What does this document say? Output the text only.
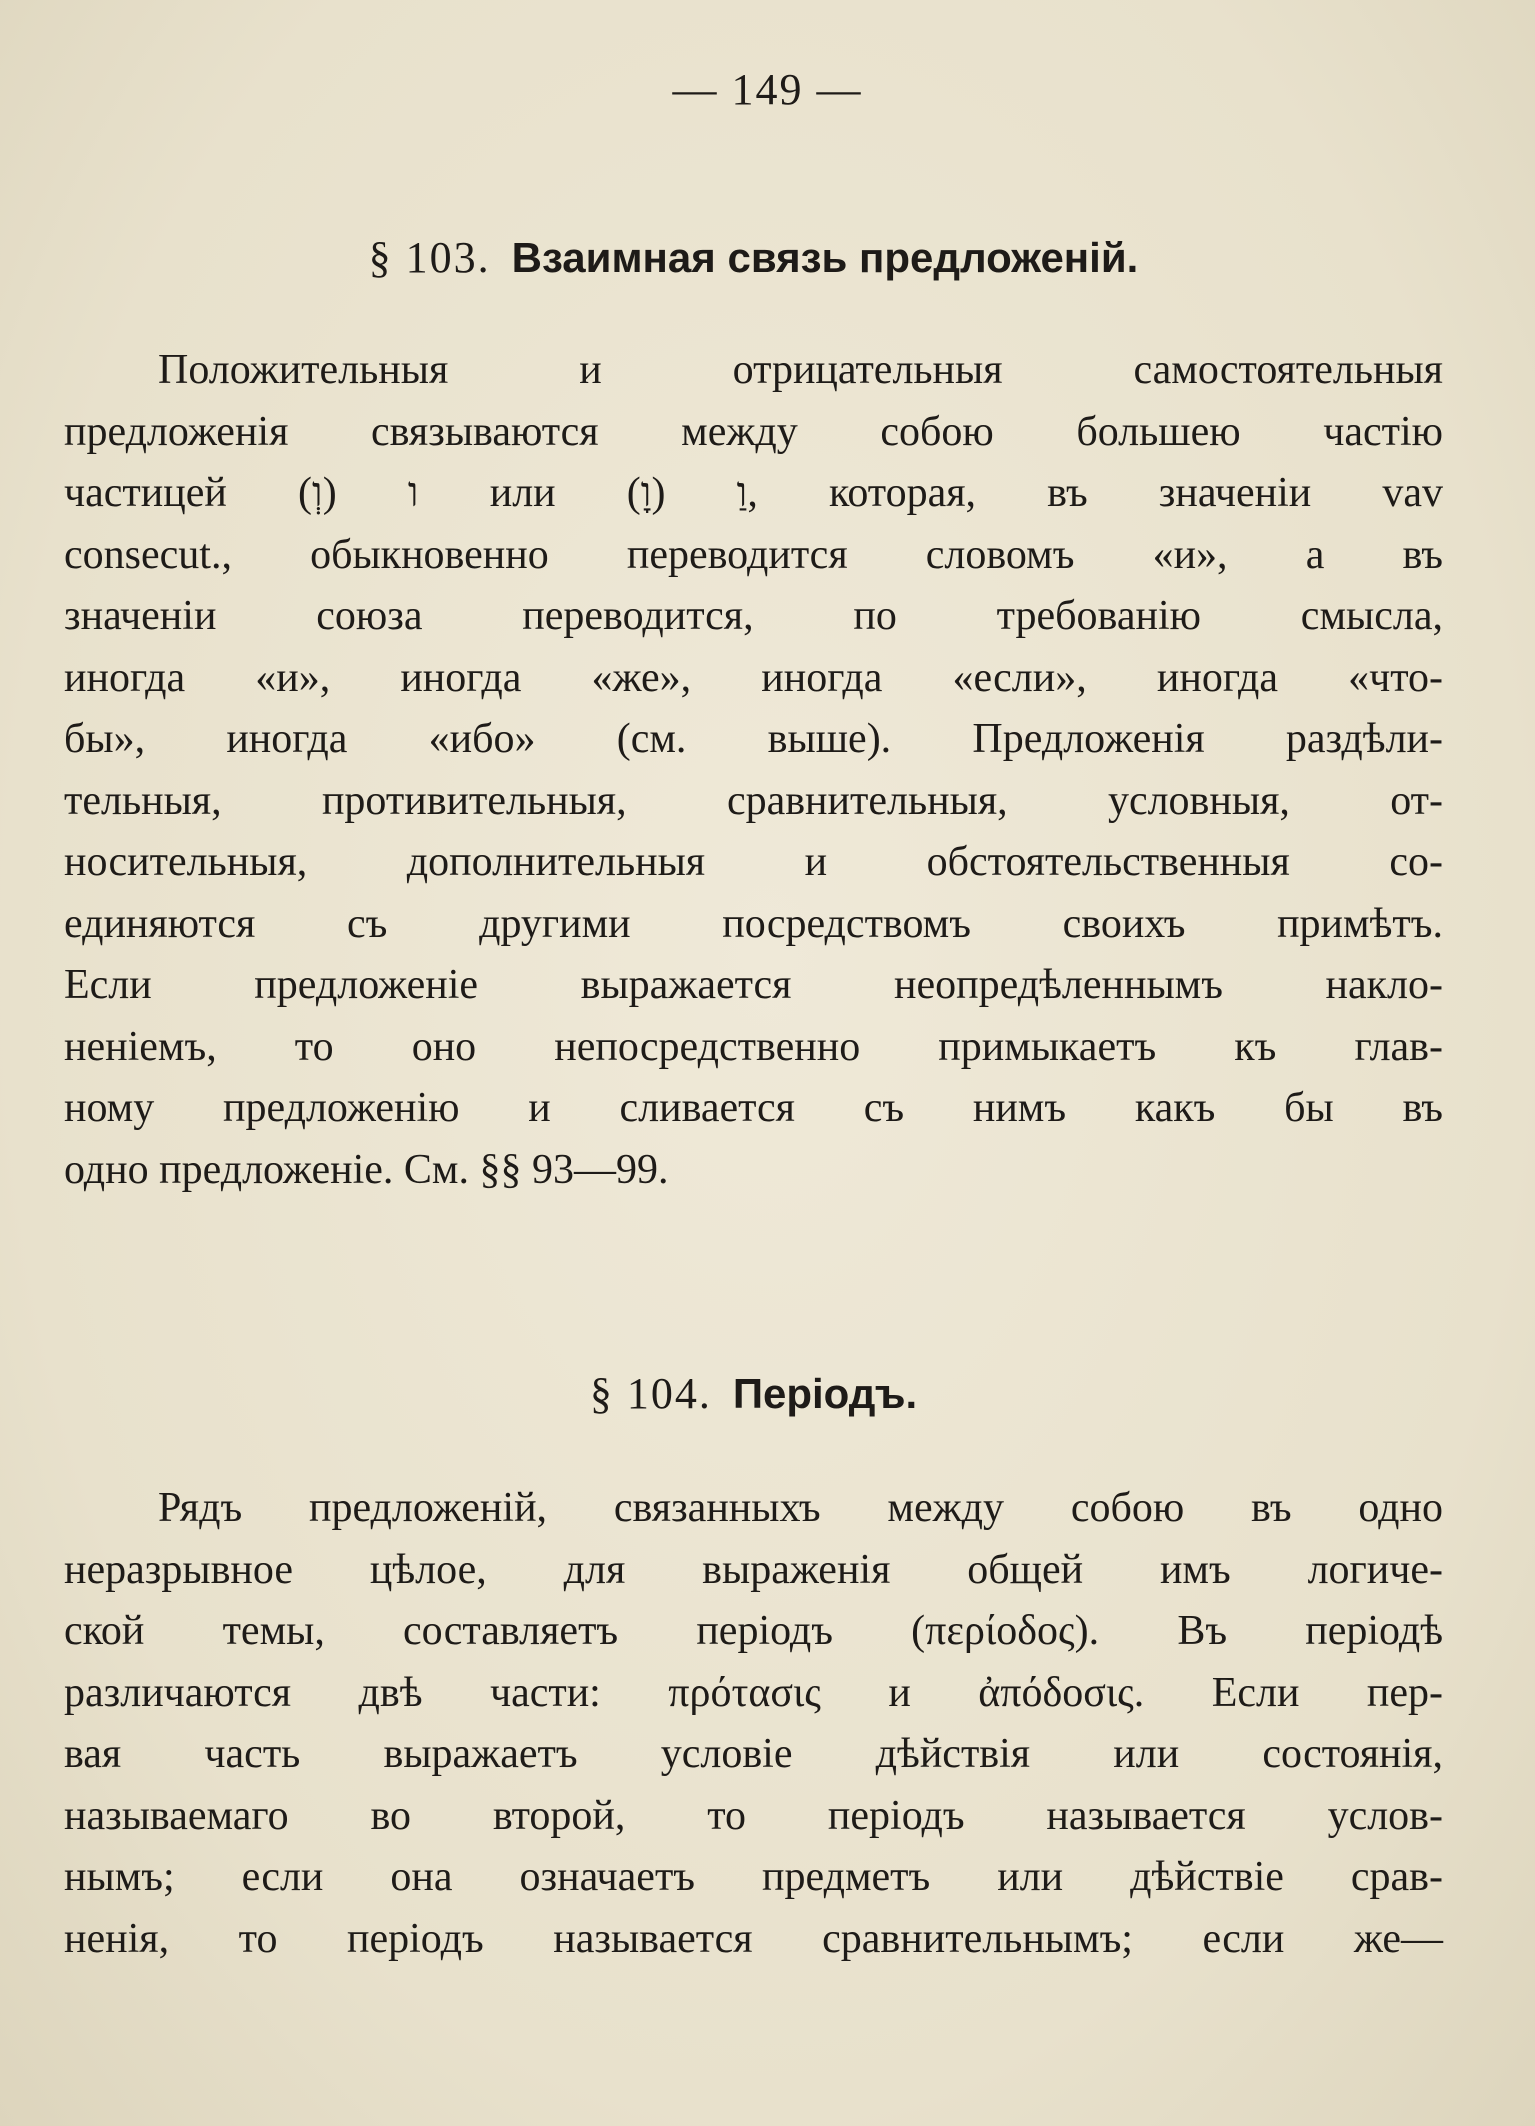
— 149 —
§ 103. Взаимная связь предложеній.
Положительныя и отрицательныя самостоятельныя
предложенія связываются между собою большею частію
частицей ו (וְ) или וַ (וָ), которая, въ значеніи vav
consecut., обыкновенно переводится словомъ «и», а въ
значеніи союза переводится, по требованію смысла,
иногда «и», иногда «же», иногда «если», иногда «что-
бы», иногда «ибо» (см. выше). Предложенія раздѣли-
тельныя, противительныя, сравнительныя, условныя, от-
носительныя, дополнительныя и обстоятельственныя со-
единяются съ другими посредствомъ своихъ примѣтъ.
Если предложеніе выражается неопредѣленнымъ накло-
неніемъ, то оно непосредственно примыкаетъ къ глав-
ному предложенію и сливается съ нимъ какъ бы въ
одно предложеніе. См. §§ 93—99.
§ 104. Періодъ.
Рядъ предложеній, связанныхъ между собою въ одно
неразрывное цѣлое, для выраженія общей имъ логиче-
ской темы, составляетъ періодъ (περίοδος). Въ періодѣ
различаются двѣ части: πρότασις и ἀπόδοσις. Если пер-
вая часть выражаетъ условіе дѣйствія или состоянія,
называемаго во второй, то періодъ называется услов-
нымъ; если она означаетъ предметъ или дѣйствіе срав-
ненія, то періодъ называется сравнительнымъ; если же—
